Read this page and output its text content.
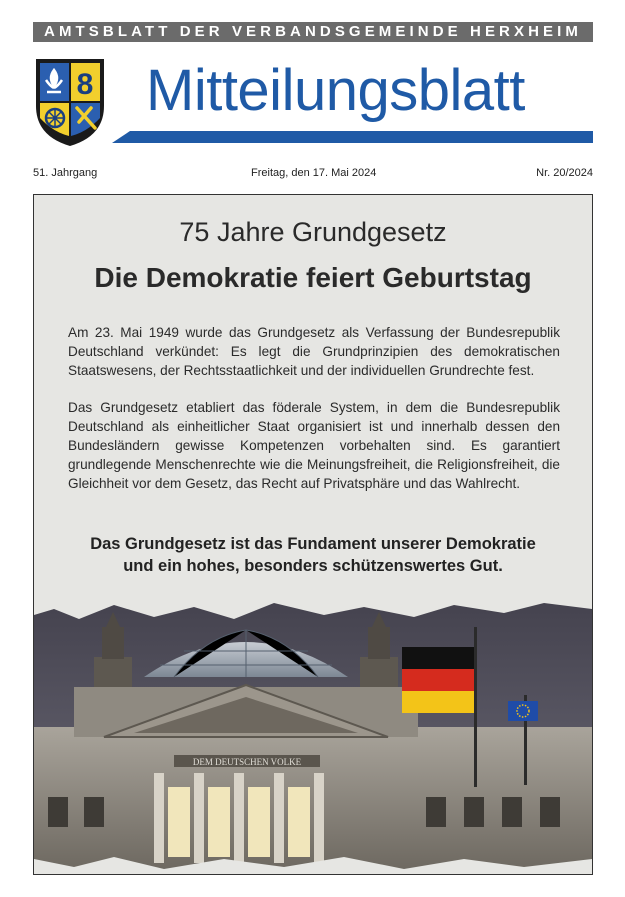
AMTSBLATT DER VERBANDSGEMEINDE HERXHEIM
8 Mitteilungsblatt
51. Jahrgang	Freitag, den 17. Mai 2024	Nr. 20/2024
75 Jahre Grundgesetz
Die Demokratie feiert Geburtstag

Am 23. Mai 1949 wurde das Grundgesetz als Verfassung der Bundesrepublik Deutschland verkündet: Es legt die Grundprinzipien des demokratischen Staatswesens, der Rechtsstaatlichkeit und der individuellen Grundrechte fest.

Das Grundgesetz etabliert das föderale System, in dem die Bundesrepublik Deutschland als einheitlicher Staat organisiert ist und innerhalb dessen den Bundesländern gewisse Kompetenzen vorbehalten sind. Es garantiert grundlegende Menschenrechte wie die Meinungsfreiheit, die Religionsfreiheit, die Gleichheit vor dem Gesetz, das Recht auf Privatsphäre und das Wahlrecht.

Das Grundgesetz ist das Fundament unserer Demokratie
und ein hohes, besonders schützenswertes Gut.

DEM DEUTSCHEN VOLKE
